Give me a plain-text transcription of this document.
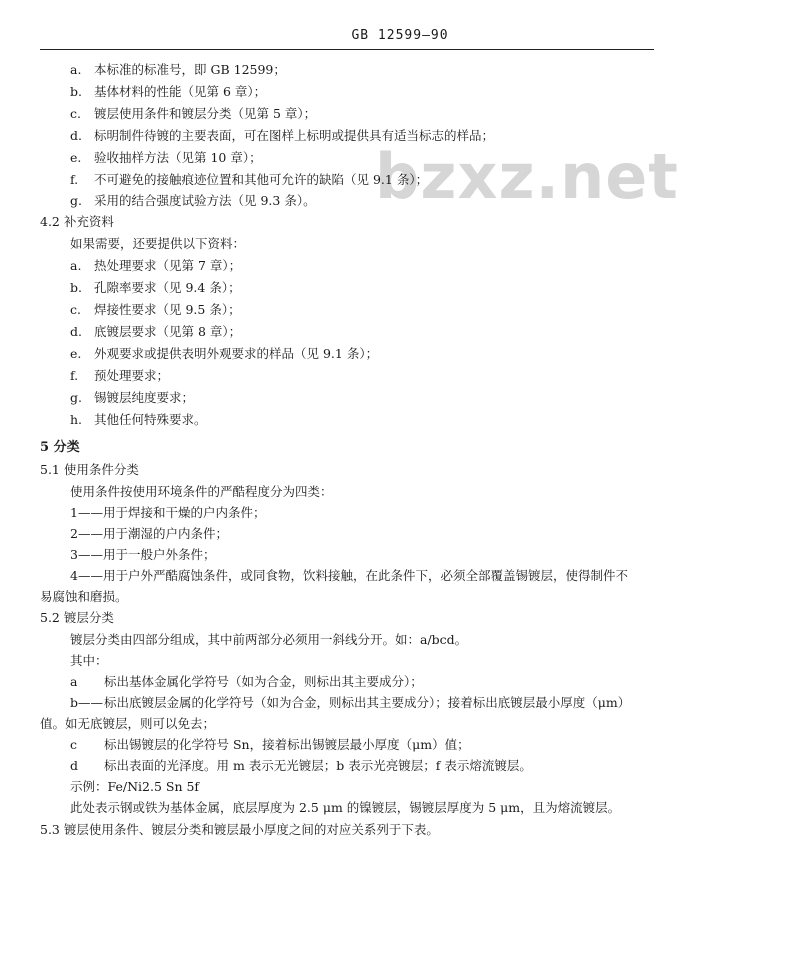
GB 12599—90
bzxz.net
a. 本标准的标准号，即 GB 12599；
b. 基体材料的性能（见第 6 章）；
c. 镀层使用条件和镀层分类（见第 5 章）；
d. 标明制件待镀的主要表面，可在图样上标明或提供具有适当标志的样品；
e. 验收抽样方法（见第 10 章）；
f. 不可避免的接触痕迹位置和其他可允许的缺陷（见 9.1 条）；
g. 采用的结合强度试验方法（见 9.3 条）。
4.2 补充资料
如果需要，还要提供以下资料：
a. 热处理要求（见第 7 章）；
b. 孔隙率要求（见 9.4 条）；
c. 焊接性要求（见 9.5 条）；
d. 底镀层要求（见第 8 章）；
e. 外观要求或提供表明外观要求的样品（见 9.1 条）；
f. 预处理要求；
g. 锡镀层纯度要求；
h. 其他任何特殊要求。
5 分类
5.1 使用条件分类
使用条件按使用环境条件的严酷程度分为四类：
1——用于焊接和干燥的户内条件；
2——用于潮湿的户内条件；
3——用于一般户外条件；
4——用于户外严酷腐蚀条件，或同食物，饮料接触，在此条件下，必须全部覆盖锡镀层，使得制件不
易腐蚀和磨损。
5.2 镀层分类
镀层分类由四部分组成，其中前两部分必须用一斜线分开。如：a/bcd。
其中：
a 标出基体金属化学符号（如为合金，则标出其主要成分）；
b—— 标出底镀层金属的化学符号（如为合金，则标出其主要成分）；接着标出底镀层最小厚度（μm）
值。如无底镀层，则可以免去；
c 标出锡镀层的化学符号 Sn，接着标出锡镀层最小厚度（μm）值；
d 标出表面的光泽度。用 m 表示无光镀层；b 表示光亮镀层；f 表示熔流镀层。
示例：Fe/Ni2.5 Sn 5f
此处表示钢或铁为基体金属，底层厚度为 2.5 μm 的镍镀层，锡镀层厚度为 5 μm，且为熔流镀层。
5.3 镀层使用条件、镀层分类和镀层最小厚度之间的对应关系列于下表。
